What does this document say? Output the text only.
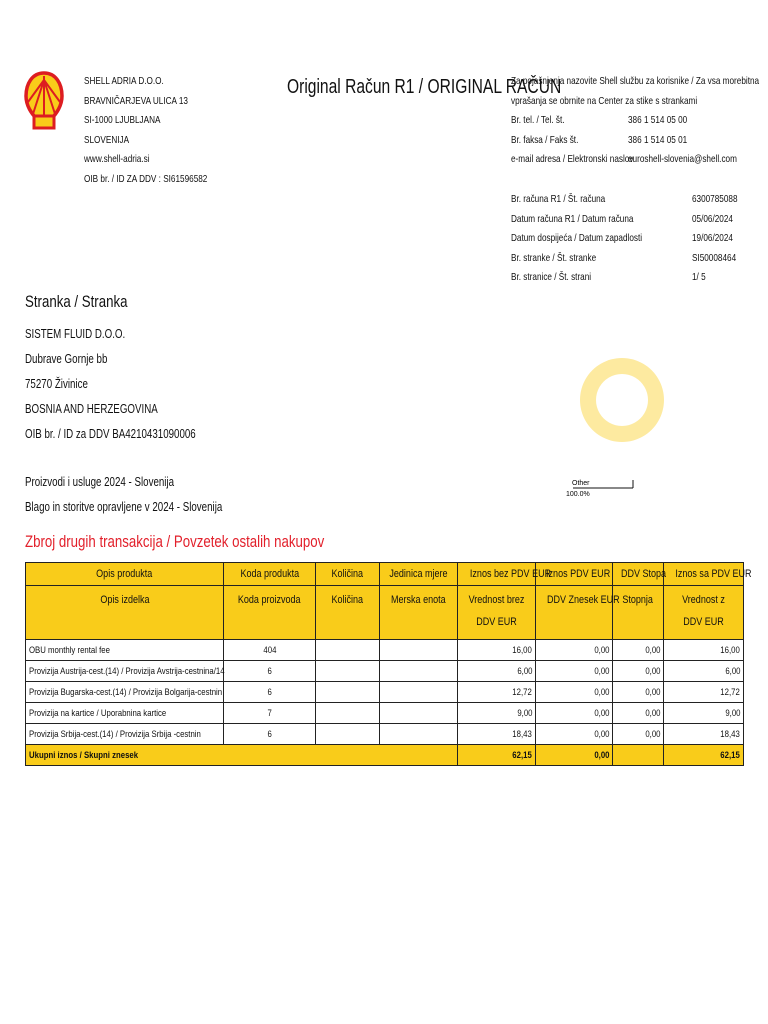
SHELL ADRIA D.O.O.
BRAVNIČARJEVA ULICA 13
SI-1000 LJUBLJANA
SLOVENIJA
www.shell-adria.si
OIB br. / ID ZA DDV : SI61596582
Original Račun R1 / ORIGINAL RAČUN
Za pojašnjenja nazovite Shell službu za korisnike / Za vsa morebitna
vprašanja se obrnite na Center za stike s strankami
Br. tel. / Tel. št.	386 1 514 05 00
Br. faksa / Faks št.	386 1 514 05 01
e-mail adresa / Elektronski naslov
euroshell-slovenia@shell.com
Br. računa R1 / Št. računa	6300785088
Datum računa R1 / Datum računa	05/06/2024
Datum dospijeća / Datum zapadlosti	19/06/2024
Br. stranke / Št. stranke	SI50008464
Br. stranice / Št. strani	1/ 5
Stranka / Stranka
SISTEM FLUID D.O.O.
Dubrave Gornje bb
75270 Živinice
BOSNIA AND HERZEGOVINA
OIB br. / ID za DDV BA4210431090006
Proizvodi i usluge 2024 - Slovenija
Blago in storitve opravljene v 2024 - Slovenija
Other
100.0%
Zbroj drugih transakcija / Povzetek ostalih nakupov
Opis produkta	Koda produkta	Količina	Jedinica mjere	Iznos bez PDV EUR	Iznos PDV EUR	DDV Stopa	Iznos sa PDV EUR
Opis izdelka	Koda proizvoda	Količina	Merska enota	Vrednost brez DDV EUR	DDV Znesek EUR	Stopnja	Vrednost z DDV EUR

OBU monthly rental fee	404			16,00	0,00	0,00	16,00
Provizija Austrija-cest.(14) / Provizija Avstrija-cestnina/14	6			6,00	0,00	0,00	6,00
Provizija Bugarska-cest.(14) / Provizija Bolgarija-cestnin	6			12,72	0,00	0,00	12,72
Provizija na kartice / Uporabnina kartice	7			9,00	0,00	0,00	9,00
Provizija Srbija-cest.(14) / Provizija Srbija -cestnin	6			18,43	0,00	0,00	18,43
Ukupni iznos / Skupni znesek				62,15	0,00		62,15
